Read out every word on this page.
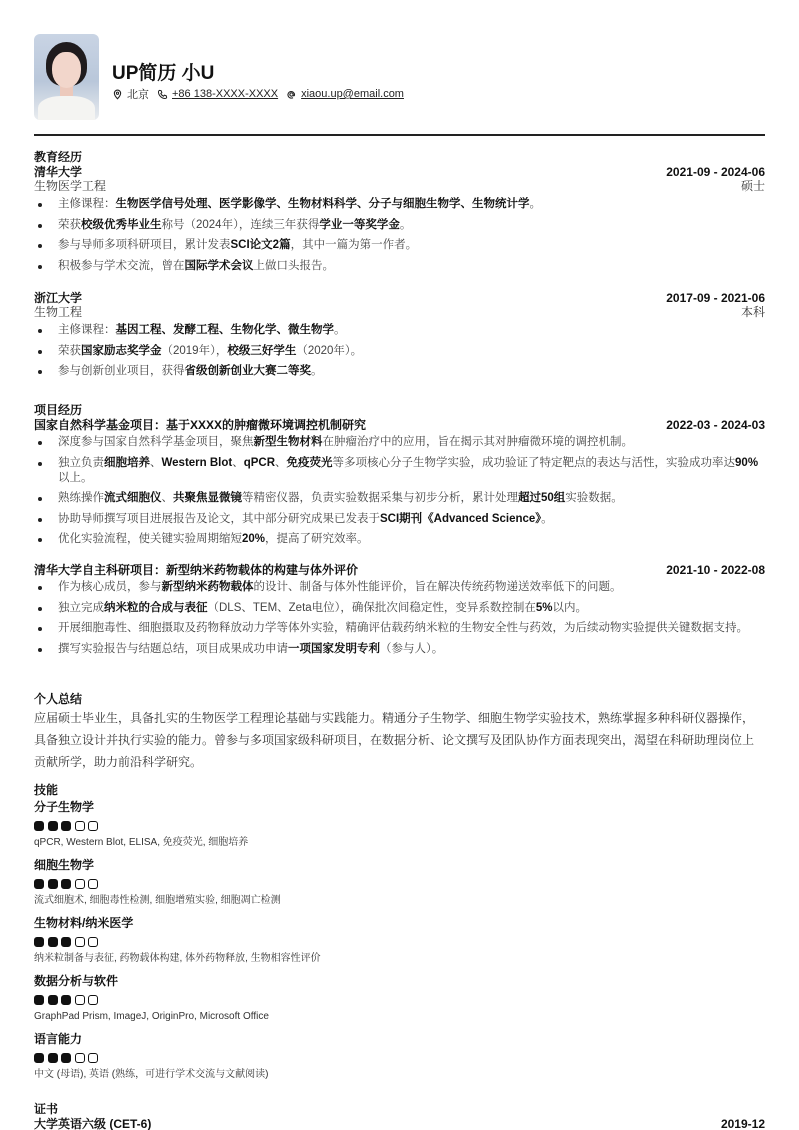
UP简历 小U
北京 +86 138-XXXX-XXXX xiaou.up@email.com
教育经历
清华大学	2021-09 - 2024-06
生物医学工程	硕士
主修课程：生物医学信号处理、医学影像学、生物材料科学、分子与细胞生物学、生物统计学。
荣获校级优秀毕业生称号（2024年），连续三年获得学业一等奖学金。
参与导师多项科研项目，累计发表SCI论文2篇，其中一篇为第一作者。
积极参与学术交流，曾在国际学术会议上做口头报告。
浙江大学	2017-09 - 2021-06
生物工程	本科
主修课程：基因工程、发酵工程、生物化学、微生物学。
荣获国家励志奖学金（2019年），校级三好学生（2020年）。
参与创新创业项目，获得省级创新创业大赛二等奖。
项目经历
国家自然科学基金项目：基于XXXX的肿瘤微环境调控机制研究	2022-03 - 2024-03
深度参与国家自然科学基金项目，聚焦新型生物材料在肿瘤治疗中的应用，旨在揭示其对肿瘤微环境的调控机制。
独立负责细胞培养、Western Blot、qPCR、免疫荧光等多项核心分子生物学实验，成功验证了特定靶点的表达与活性，实验成功率达90%以上。
熟练操作流式细胞仪、共聚焦显微镜等精密仪器，负责实验数据采集与初步分析，累计处理超过50组实验数据。
协助导师撰写项目进展报告及论文，其中部分研究成果已发表于SCI期刊《Advanced Science》。
优化实验流程，使关键实验周期缩短20%，提高了研究效率。
清华大学自主科研项目：新型纳米药物载体的构建与体外评价	2021-10 - 2022-08
作为核心成员，参与新型纳米药物载体的设计、制备与体外性能评价，旨在解决传统药物递送效率低下的问题。
独立完成纳米粒的合成与表征（DLS、TEM、Zeta电位），确保批次间稳定性，变异系数控制在5%以内。
开展细胞毒性、细胞摄取及药物释放动力学等体外实验，精确评估载药纳米粒的生物安全性与药效，为后续动物实验提供关键数据支持。
撰写实验报告与结题总结，项目成果成功申请一项国家发明专利（参与人）。
个人总结

应届硕士毕业生，具备扎实的生物医学工程理论基础与实践能力。精通分子生物学、细胞生物学实验技术，熟练掌握多种科研仪器操作，具备独立设计并执行实验的能力。曾参与多项国家级科研项目，在数据分析、论文撰写及团队协作方面表现突出，渴望在科研助理岗位上贡献所学，助力前沿科学研究。

技能
分子生物学
qPCR, Western Blot, ELISA, 免疫荧光, 细胞培养
细胞生物学
流式细胞术, 细胞毒性检测, 细胞增殖实验, 细胞凋亡检测
生物材料/纳米医学
纳米粒制备与表征, 药物载体构建, 体外药物释放, 生物相容性评价
数据分析与软件
GraphPad Prism, ImageJ, OriginPro, Microsoft Office
语言能力
中文 (母语), 英语 (熟练，可进行学术交流与文献阅读)
证书
大学英语六级 (CET-6)	2019-12
